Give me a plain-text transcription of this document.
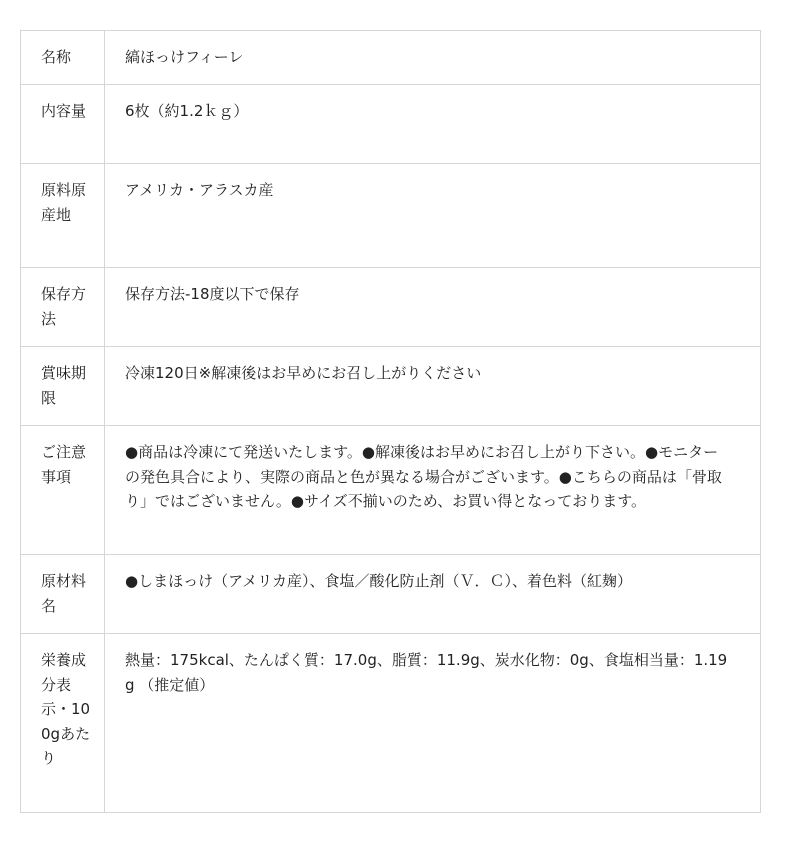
名称	縞ほっけフィーレ
内容量	6枚（約1.2ｋｇ）
原料原産地	アメリカ・アラスカ産
保存方法	保存方法-18度以下で保存
賞味期限	冷凍120日※解凍後はお早めにお召し上がりください
ご注意事項	●商品は冷凍にて発送いたします。●解凍後はお早めにお召し上がり下さい。●モニターの発色具合により、実際の商品と色が異なる場合がございます。●こちらの商品は「骨取り」ではございません。●サイズ不揃いのため、お買い得となっております。
原材料名	●しまほっけ（アメリカ産）、食塩／酸化防止剤（Ｖ．Ｃ）、着色料（紅麹）
栄養成分表示・100gあたり	熱量：175kcal、たんぱく質：17.0g、脂質：11.9g、炭水化物：0g、食塩相当量：1.19g （推定値）
